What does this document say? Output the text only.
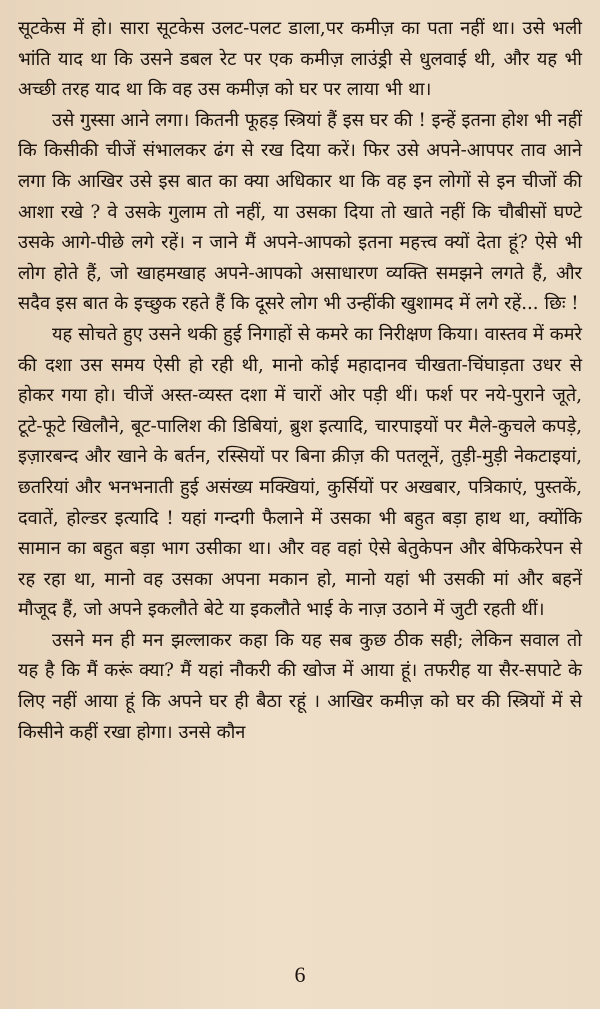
सूटकेस में हो। सारा सूटकेस उलट-पलट डाला,पर कमीज़ का पता नहीं था। उसे भली भांति याद था कि उसने डबल रेट पर एक कमीज़ लाउंड्री से धुलवाई थी, और यह भी अच्छी तरह याद था कि वह उस कमीज़ को घर पर लाया भी था।

उसे गुस्सा आने लगा। कितनी फूहड़ स्त्रियां हैं इस घर की ! इन्हें इतना होश भी नहीं कि किसीकी चीजें संभालकर ढंग से रख दिया करें। फिर उसे अपने-आपपर ताव आने लगा कि आखिर उसे इस बात का क्या अधिकार था कि वह इन लोगों से इन चीजों की आशा रखे ? वे उसके गुलाम तो नहीं, या उसका दिया तो खाते नहीं कि चौबीसों घण्टे उसके आगे-पीछे लगे रहें। न जाने मैं अपने-आपको इतना महत्त्व क्यों देता हूं? ऐसे भी लोग होते हैं, जो खाहमखाह अपने-आपको असाधारण व्यक्ति समझने लगते हैं, और सदैव इस बात के इच्छुक रहते हैं कि दूसरे लोग भी उन्हींकी खुशामद में लगे रहें... छिः !

यह सोचते हुए उसने थकी हुई निगाहों से कमरे का निरीक्षण किया। वास्तव में कमरे की दशा उस समय ऐसी हो रही थी, मानो कोई महादानव चीखता-चिंघाड़ता उधर से होकर गया हो। चीजें अस्त-व्यस्त दशा में चारों ओर पड़ी थीं। फर्श पर नये-पुराने जूते, टूटे-फूटे खिलौने, बूट-पालिश की डिबियां, ब्रुश इत्यादि, चारपाइयों पर मैले-कुचले कपड़े, इज़ारबन्द और खाने के बर्तन, रस्सियों पर बिना क्रीज़ की पतलूनें, तुड़ी-मुड़ी नेकटाइयां, छतरियां और भनभनाती हुई असंख्य मक्खियां, कुर्सियों पर अखबार, पत्रिकाएं, पुस्तकें, दवातें, होल्डर इत्यादि ! यहां गन्दगी फैलाने में उसका भी बहुत बड़ा हाथ था, क्योंकि सामान का बहुत बड़ा भाग उसीका था। और वह वहां ऐसे बेतुकेपन और बेफिकरेपन से रह रहा था, मानो वह उसका अपना मकान हो, मानो यहां भी उसकी मां और बहनें मौजूद हैं, जो अपने इकलौते बेटे या इकलौते भाई के नाज़ उठाने में जुटी रहती थीं।

उसने मन ही मन झल्लाकर कहा कि यह सब कुछ ठीक सही; लेकिन सवाल तो यह है कि मैं करूं क्या? मैं यहां नौकरी की खोज में आया हूं। तफरीह या सैर-सपाटे के लिए नहीं आया हूं कि अपने घर ही बैठा रहूं । आखिर कमीज़ को घर की स्त्रियों में से किसीने कहीं रखा होगा। उनसे कौन

6
